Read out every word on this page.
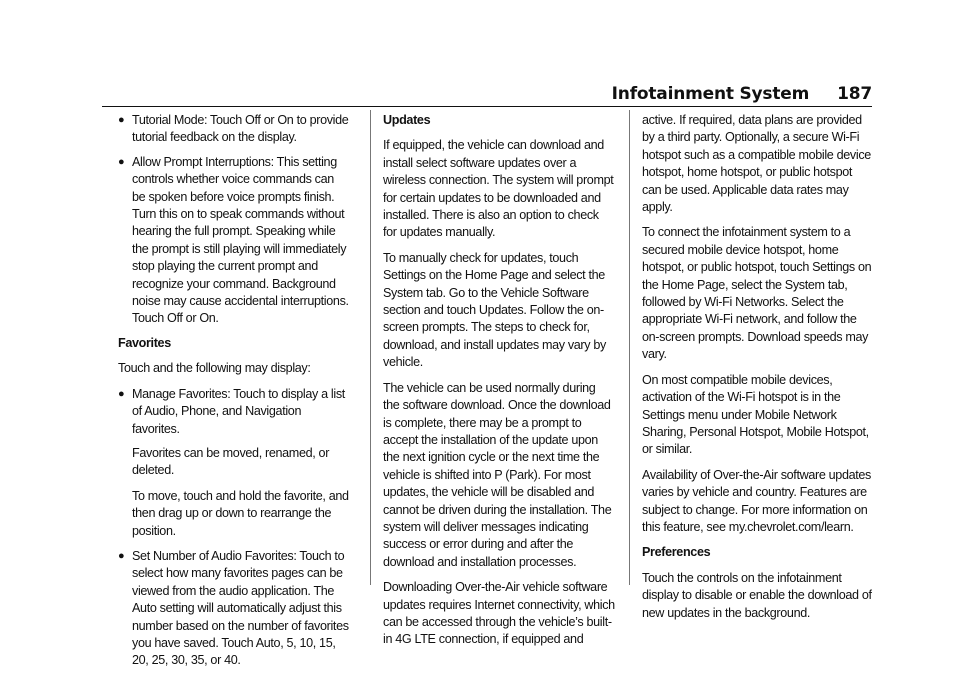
Infotainment System 187
● Tutorial Mode: Touch Off or On to provide tutorial feedback on the display.
● Allow Prompt Interruptions: This setting controls whether voice commands can be spoken before voice prompts finish. Turn this on to speak commands without hearing the full prompt. Speaking while the prompt is still playing will immediately stop playing the current prompt and recognize your command. Background noise may cause accidental interruptions. Touch Off or On.
Favorites

Touch and the following may display:

● Manage Favorites: Touch to display a list of Audio, Phone, and Navigation favorites.

Favorites can be moved, renamed, or deleted.

To move, touch and hold the favorite, and then drag up or down to rearrange the position.

● Set Number of Audio Favorites: Touch to select how many favorites pages can be viewed from the audio application. The Auto setting will automatically adjust this number based on the number of favorites you have saved. Touch Auto, 5, 10, 15, 20, 25, 30, 35, or 40.
Updates

If equipped, the vehicle can download and install select software updates over a wireless connection. The system will prompt for certain updates to be downloaded and installed. There is also an option to check for updates manually.

To manually check for updates, touch Settings on the Home Page and select the System tab. Go to the Vehicle Software section and touch Updates. Follow the on-screen prompts. The steps to check for, download, and install updates may vary by vehicle.

The vehicle can be used normally during the software download. Once the download is complete, there may be a prompt to accept the installation of the update upon the next ignition cycle or the next time the vehicle is shifted into P (Park). For most updates, the vehicle will be disabled and cannot be driven during the installation. The system will deliver messages indicating success or error during and after the download and installation processes.

Downloading Over-the-Air vehicle software updates requires Internet connectivity, which can be accessed through the vehicle’s built-in 4G LTE connection, if equipped and

active. If required, data plans are provided by a third party. Optionally, a secure Wi-Fi hotspot such as a compatible mobile device hotspot, home hotspot, or public hotspot can be used. Applicable data rates may apply.

To connect the infotainment system to a secured mobile device hotspot, home hotspot, or public hotspot, touch Settings on the Home Page, select the System tab, followed by Wi-Fi Networks. Select the appropriate Wi-Fi network, and follow the on-screen prompts. Download speeds may vary.

On most compatible mobile devices, activation of the Wi-Fi hotspot is in the Settings menu under Mobile Network Sharing, Personal Hotspot, Mobile Hotspot, or similar.

Availability of Over-the-Air software updates varies by vehicle and country. Features are subject to change. For more information on this feature, see my.chevrolet.com/learn.

Preferences

Touch the controls on the infotainment display to disable or enable the download of new updates in the background.
